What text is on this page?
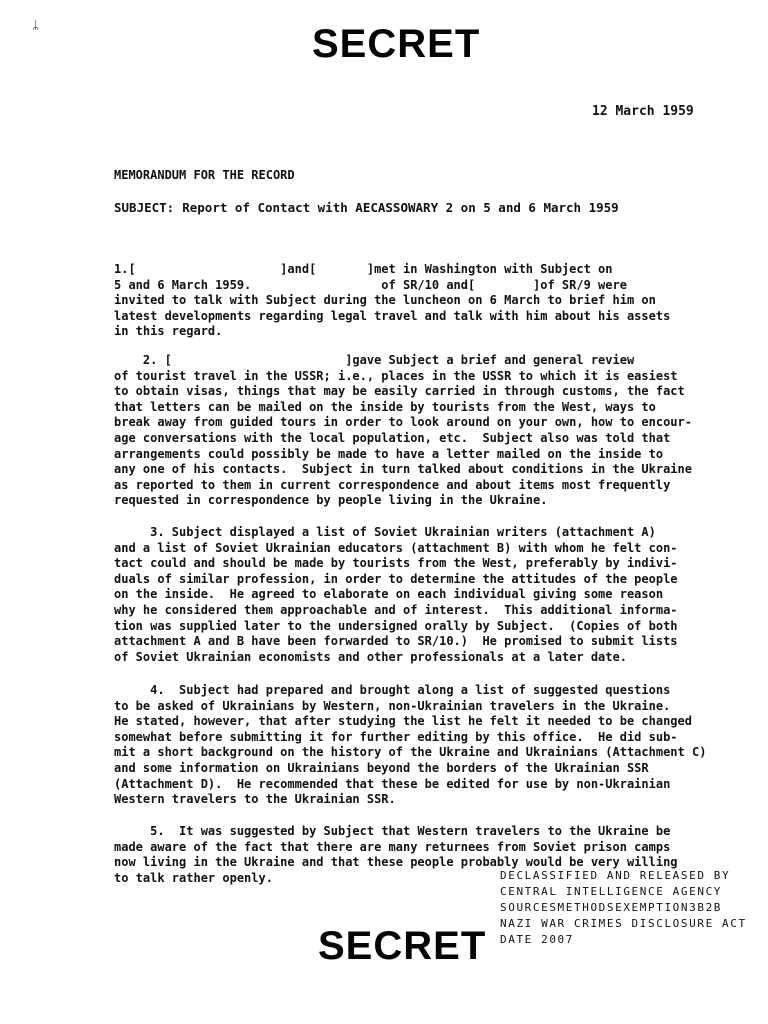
ᛦ	SECRET
12 March 1959
MEMORANDUM FOR THE RECORD
SUBJECT: Report of Contact with AECASSOWARY 2 on 5 and 6 March 1959
1.[                    ]and[       ]met in Washington with Subject on
5 and 6 March 1959.                  of SR/10 and[        ]of SR/9 were
invited to talk with Subject during the luncheon on 6 March to brief him on
latest developments regarding legal travel and talk with him about his assets
in this regard.
2. [                        ]gave Subject a brief and general review
of tourist travel in the USSR; i.e., places in the USSR to which it is easiest
to obtain visas, things that may be easily carried in through customs, the fact
that letters can be mailed on the inside by tourists from the West, ways to
break away from guided tours in order to look around on your own, how to encour-
age conversations with the local population, etc.  Subject also was told that
arrangements could possibly be made to have a letter mailed on the inside to
any one of his contacts.  Subject in turn talked about conditions in the Ukraine
as reported to them in current correspondence and about items most frequently
requested in correspondence by people living in the Ukraine.
3. Subject displayed a list of Soviet Ukrainian writers (attachment A)
and a list of Soviet Ukrainian educators (attachment B) with whom he felt con-
tact could and should be made by tourists from the West, preferably by indivi-
duals of similar profession, in order to determine the attitudes of the people
on the inside.  He agreed to elaborate on each individual giving some reason
why he considered them approachable and of interest.  This additional informa-
tion was supplied later to the undersigned orally by Subject.  (Copies of both
attachment A and B have been forwarded to SR/10.)  He promised to submit lists
of Soviet Ukrainian economists and other professionals at a later date.
4.  Subject had prepared and brought along a list of suggested questions
to be asked of Ukrainians by Western, non-Ukrainian travelers in the Ukraine.
He stated, however, that after studying the list he felt it needed to be changed
somewhat before submitting it for further editing by this office.  He did sub-
mit a short background on the history of the Ukraine and Ukrainians (Attachment C)
and some information on Ukrainians beyond the borders of the Ukrainian SSR
(Attachment D).  He recommended that these be edited for use by non-Ukrainian
Western travelers to the Ukrainian SSR.
5.  It was suggested by Subject that Western travelers to the Ukraine be
made aware of the fact that there are many returnees from Soviet prison camps
now living in the Ukraine and that these people probably would be very willing
to talk rather openly.	DECLASSIFIED AND RELEASED BY
CENTRAL INTELLIGENCE AGENCY
SOURCESMETHODSEXEMPTION3B2B
NAZI WAR CRIMES DISCLOSURE ACT
DATE 2007
SECRET
